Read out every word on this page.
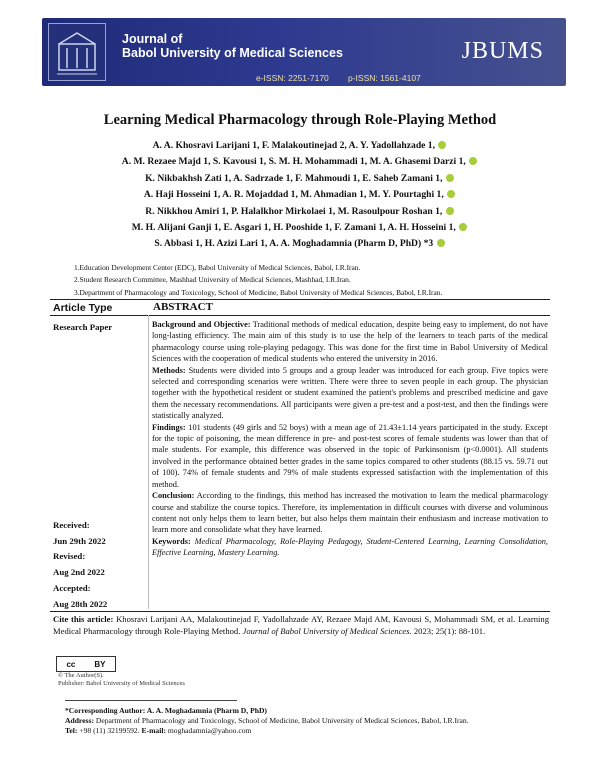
Journal of
Babol University of Medical Sciences
e-ISSN: 2251-7170 p-ISSN: 1561-4107
JBUMS
Learning Medical Pharmacology through Role-Playing Method
A. A. Khosravi Larijani 1, F. Malakoutinejad 2, A. Y. Yadollahzade 1,
A. M. Rezaee Majd 1, S. Kavousi 1, S. M. H. Mohammadi 1, M. A. Ghasemi Darzi 1,
K. Nikbakhsh Zati 1, A. Sadrzade 1, F. Mahmoudi 1, E. Saheb Zamani 1,
A. Haji Hosseini 1, A. R. Mojaddad 1, M. Ahmadian 1, M. Y. Pourtaghi 1,
R. Nikkhou Amiri 1, P. Halalkhor Mirkolaei 1, M. Rasoulpour Roshan 1,
M. H. Alijani Ganji 1, E. Asgari 1, H. Pooshide 1, F. Zamani 1, A. H. Hosseini 1,
S. Abbasi 1, H. Azizi Lari 1, A. A. Moghadamnia (Pharm D, PhD) *3
1.Education Development Center (EDC), Babol University of Medical Sciences, Babol, I.R.Iran.
2.Student Research Committee, Mashhad University of Medical Sciences, Mashhad, I.R.Iran.
3.Department of Pharmacology and Toxicology, School of Medicine, Babol University of Medical Sciences, Babol, I.R.Iran.
Article Type	ABSTRACT
Research Paper
Received:
Jun 29th 2022
Revised:
Aug 2nd 2022
Accepted:
Aug 28th 2022

Background and Objective: Traditional methods of medical education, despite being easy to implement, do not have long-lasting efficiency. The main aim of this study is to use the help of the learners to teach parts of the medical pharmacology course using role-playing pedagogy. This was done for the first time in Babol University of Medical Sciences with the cooperation of medical students who entered the university in 2016.

Methods: Students were divided into 5 groups and a group leader was introduced for each group. Five topics were selected and corresponding scenarios were written. There were three to seven people in each group. The physician together with the hypothetical resident or student examined the patient's problems and prescribed medicine and gave them the necessary recommendations. All participants were given a pre-test and a post-test, and then the findings were statistically analyzed.

Findings: 101 students (49 girls and 52 boys) with a mean age of 21.43±1.14 years participated in the study. Except for the topic of poisoning, the mean difference in pre- and post-test scores of female students was lower than that of male students. For example, this difference was observed in the topic of Parkinsonism (p<0.0001). All students involved in the performance obtained better grades in the same topics compared to other students (88.15 vs. 59.71 out of 100). 74% of female students and 79% of male students expressed satisfaction with the implementation of this method.

Conclusion: According to the findings, this method has increased the motivation to learn the medical pharmacology course and stabilize the course topics. Therefore, its implementation in difficult courses with diverse and voluminous content not only helps them to learn better, but also helps them maintain their enthusiasm and increase motivation to learn more and consolidate what they have learned.

Keywords: Medical Pharmacology, Role-Playing Pedagogy, Student-Centered Learning, Learning Consolidation, Effective Learning, Mastery Learning.

Cite this article: Khosravi Larijani AA, Malakoutinejad F, Yadollahzade AY, Rezaee Majd AM, Kavousi S, Mohammadi SM, et al. Learning Medical Pharmacology through Role-Playing Method. Journal of Babol University of Medical Sciences. 2023; 25(1): 88-101.
cc BY
© The Author(S).
Publisher: Babol University of Medical Sciences
*Corresponding Author: A. A. Moghadamnia (Pharm D, PhD)
Address: Department of Pharmacology and Toxicology, School of Medicine, Babol University of Medical Sciences, Babol, I.R.Iran.
Tel: +98 (11) 32199592. E-mail: moghadamnia@yahoo.com
